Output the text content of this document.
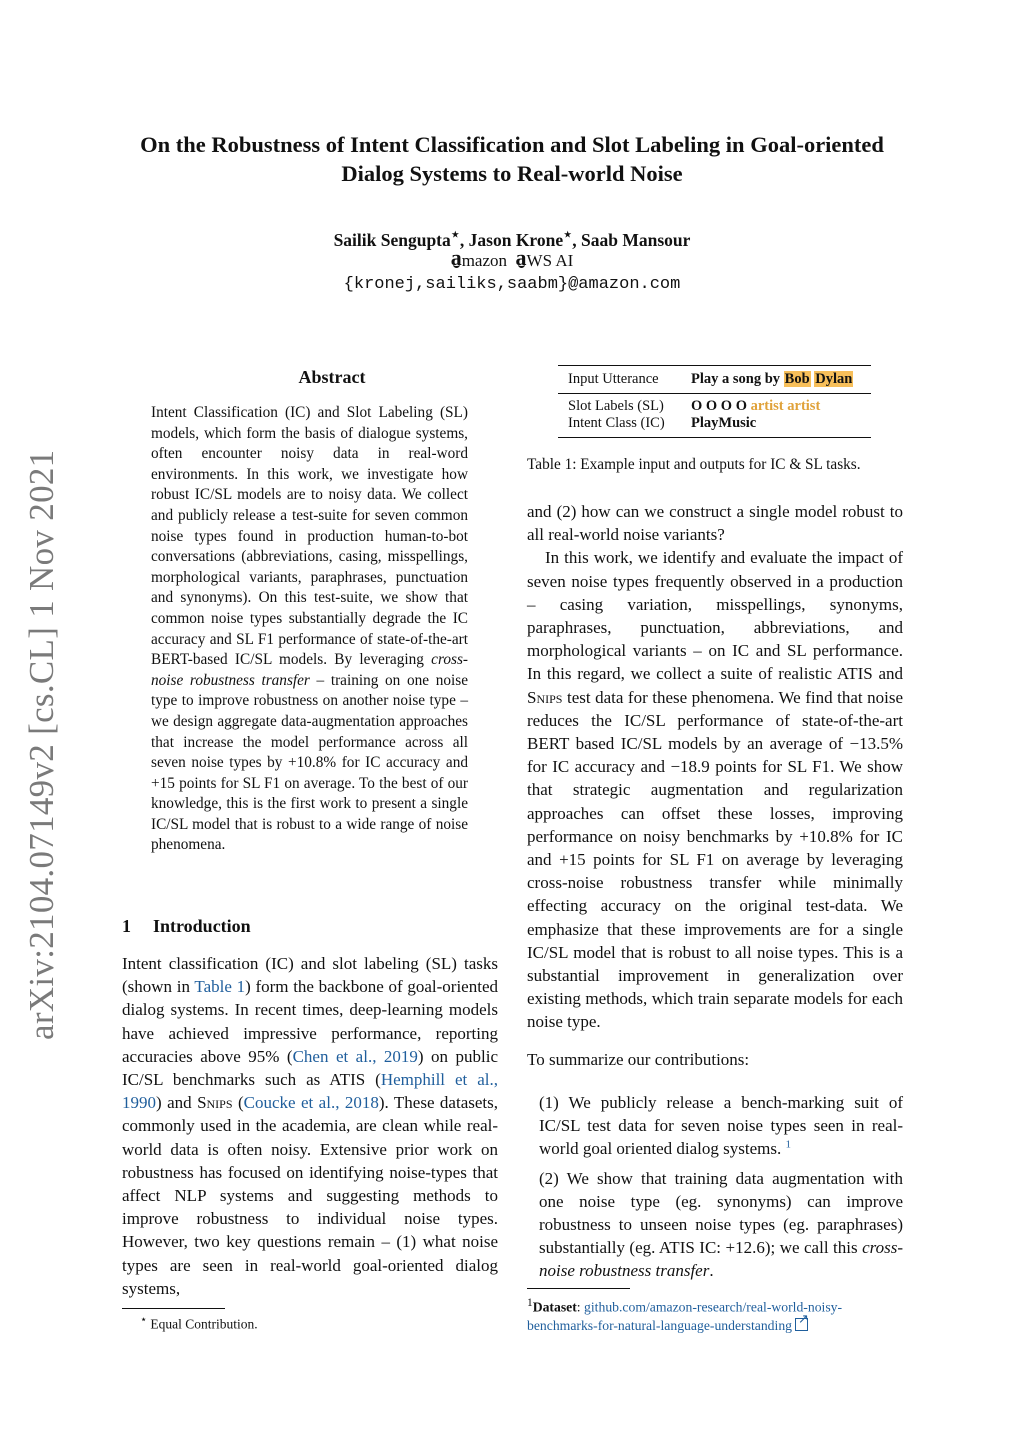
On the Robustness of Intent Classification and Slot Labeling in Goal-oriented Dialog Systems to Real-world Noise
Sailik Sengupta⋆, Jason Krone⋆, Saab Mansour
amazon aWS AI
{kronej,sailiks,saabm}@amazon.com
arXiv:2104.07149v2 [cs.CL] 1 Nov 2021
Abstract
Intent Classification (IC) and Slot Labeling (SL) models, which form the basis of dialogue systems, often encounter noisy data in real-word environments. In this work, we investigate how robust IC/SL models are to noisy data. We collect and publicly release a test-suite for seven common noise types found in production human-to-bot conversations (abbreviations, casing, misspellings, morphological variants, paraphrases, punctuation and synonyms). On this test-suite, we show that common noise types substantially degrade the IC accuracy and SL F1 performance of state-of-the-art BERT-based IC/SL models. By leveraging cross-noise robustness transfer – training on one noise type to improve robustness on another noise type – we design aggregate data-augmentation approaches that increase the model performance across all seven noise types by +10.8% for IC accuracy and +15 points for SL F1 on average. To the best of our knowledge, this is the first work to present a single IC/SL model that is robust to a wide range of noise phenomena.
1 Introduction
Intent classification (IC) and slot labeling (SL) tasks (shown in Table 1) form the backbone of goal-oriented dialog systems. In recent times, deep-learning models have achieved impressive performance, reporting accuracies above 95% (Chen et al., 2019) on public IC/SL benchmarks such as ATIS (Hemphill et al., 1990) and Snips (Coucke et al., 2018). These datasets, commonly used in the academia, are clean while real-world data is often noisy. Extensive prior work on robustness has focused on identifying noise-types that affect NLP systems and suggesting methods to improve robustness to individual noise types. However, two key questions remain – (1) what noise types are seen in real-world goal-oriented dialog systems,
⋆ Equal Contribution.
Input Utterance	Play a song by Bob Dylan
Slot Labels (SL)	O O O O artist artist
Intent Class (IC)	PlayMusic
Table 1: Example input and outputs for IC & SL tasks.

and (2) how can we construct a single model robust to all real-world noise variants?

In this work, we identify and evaluate the impact of seven noise types frequently observed in a production – casing variation, misspellings, synonyms, paraphrases, punctuation, abbreviations, and morphological variants – on IC and SL performance. In this regard, we collect a suite of realistic ATIS and Snips test data for these phenomena. We find that noise reduces the IC/SL performance of state-of-the-art BERT based IC/SL models by an average of −13.5% for IC accuracy and −18.9 points for SL F1. We show that strategic augmentation and regularization approaches can offset these losses, improving performance on noisy benchmarks by +10.8% for IC and +15 points for SL F1 on average by leveraging cross-noise robustness transfer while minimally effecting accuracy on the original test-data. We emphasize that these improvements are for a single IC/SL model that is robust to all noise types. This is a substantial improvement in generalization over existing methods, which train separate models for each noise type.

To summarize our contributions:

(1) We publicly release a bench-marking suit of IC/SL test data for seven noise types seen in real-world goal oriented dialog systems. $^1$

(2) We show that training data augmentation with one noise type (eg. synonyms) can improve robustness to unseen noise types (eg. paraphrases) substantially (eg. ATIS IC: +12.6); we call this cross-noise robustness transfer.

$^1$Dataset: github.com/amazon-research/real-world-noisy-benchmarks-for-natural-language-understanding↗
